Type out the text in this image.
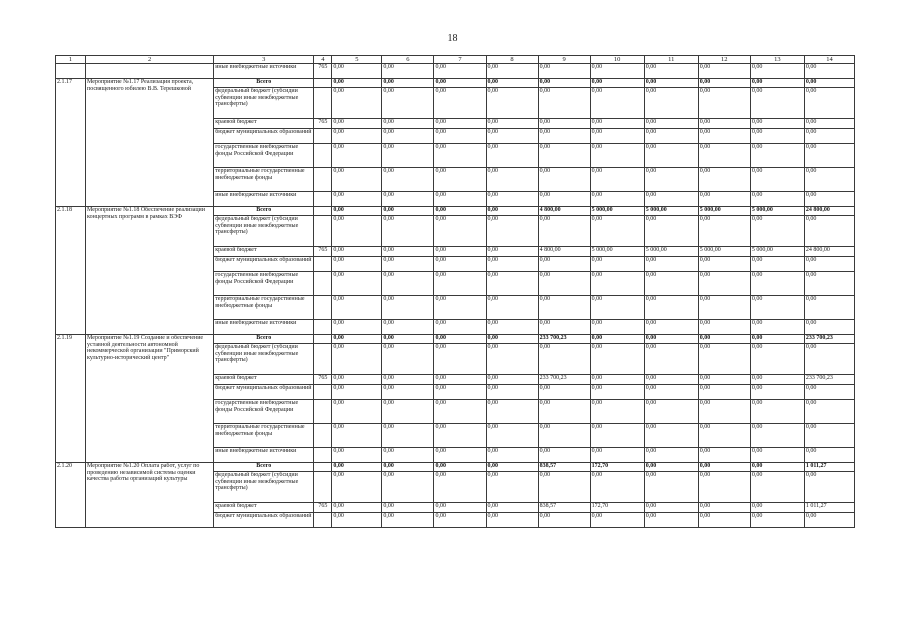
18
1	2	3	4	5	6	7	8	9	10	11	12	13	14
		иные внебюджетные источники	765	0,00	0,00	0,00	0,00	0,00	0,00	0,00	0,00	0,00	0,00
2.1.17	Мероприятие №1.17 Реализация проекта, посвященного юбилею В.В. Терешковой	Всего		0,00	0,00	0,00	0,00	0,00	0,00	0,00	0,00	0,00	0,00
		федеральный бюджет (субсидии субвенции иные межбюджетные трансферты)		0,00	0,00	0,00	0,00	0,00	0,00	0,00	0,00	0,00	0,00
		краевой бюджет	765	0,00	0,00	0,00	0,00	0,00	0,00	0,00	0,00	0,00	0,00
		бюджет муниципальных образований		0,00	0,00	0,00	0,00	0,00	0,00	0,00	0,00	0,00	0,00
		государственные внебюджетные фонды Российской Федерации		0,00	0,00	0,00	0,00	0,00	0,00	0,00	0,00	0,00	0,00
		территориальные государственные внебюджетные фонды		0,00	0,00	0,00	0,00	0,00	0,00	0,00	0,00	0,00	0,00
		иные внебюджетные источники		0,00	0,00	0,00	0,00	0,00	0,00	0,00	0,00	0,00	0,00
2.1.18	Мероприятие №1.18 Обеспечение реализации концертных программ в рамках ВЭФ	Всего		0,00	0,00	0,00	0,00	4 800,00	5 000,00	5 000,00	5 000,00	5 000,00	24 800,00
		федеральный бюджет (субсидии субвенции иные межбюджетные трансферты)		0,00	0,00	0,00	0,00	0,00	0,00	0,00	0,00	0,00	0,00
		краевой бюджет	765	0,00	0,00	0,00	0,00	4 800,00	5 000,00	5 000,00	5 000,00	5 000,00	24 800,00
		бюджет муниципальных образований		0,00	0,00	0,00	0,00	0,00	0,00	0,00	0,00	0,00	0,00
		государственные внебюджетные фонды Российской Федерации		0,00	0,00	0,00	0,00	0,00	0,00	0,00	0,00	0,00	0,00
		территориальные государственные внебюджетные фонды		0,00	0,00	0,00	0,00	0,00	0,00	0,00	0,00	0,00	0,00
		иные внебюджетные источники		0,00	0,00	0,00	0,00	0,00	0,00	0,00	0,00	0,00	0,00
2.1.19	Мероприятие №1.19 Создание и обеспечение уставной деятельности автономной некоммерческой организации "Приморский культурно-исторический центр"	Всего		0,00	0,00	0,00	0,00	233 700,23	0,00	0,00	0,00	0,00	233 700,23
		федеральный бюджет (субсидии субвенции иные межбюджетные трансферты)		0,00	0,00	0,00	0,00	0,00	0,00	0,00	0,00	0,00	0,00
		краевой бюджет	765	0,00	0,00	0,00	0,00	233 700,23	0,00	0,00	0,00	0,00	233 700,23
		бюджет муниципальных образований		0,00	0,00	0,00	0,00	0,00	0,00	0,00	0,00	0,00	0,00
		государственные внебюджетные фонды Российской Федерации		0,00	0,00	0,00	0,00	0,00	0,00	0,00	0,00	0,00	0,00
		территориальные государственные внебюджетные фонды		0,00	0,00	0,00	0,00	0,00	0,00	0,00	0,00	0,00	0,00
		иные внебюджетные источники		0,00	0,00	0,00	0,00	0,00	0,00	0,00	0,00	0,00	0,00
2.1.20	Мероприятие №1.20 Оплата работ, услуг по проведению независимой системы оценки качества работы организаций культуры	Всего		0,00	0,00	0,00	0,00	838,57	172,70	0,00	0,00	0,00	1 011,27
		федеральный бюджет (субсидии субвенции иные межбюджетные трансферты)		0,00	0,00	0,00	0,00	0,00	0,00	0,00	0,00	0,00	0,00
		краевой бюджет	765	0,00	0,00	0,00	0,00	838,57	172,70	0,00	0,00	0,00	1 011,27
		бюджет муниципальных образований		0,00	0,00	0,00	0,00	0,00	0,00	0,00	0,00	0,00	0,00
